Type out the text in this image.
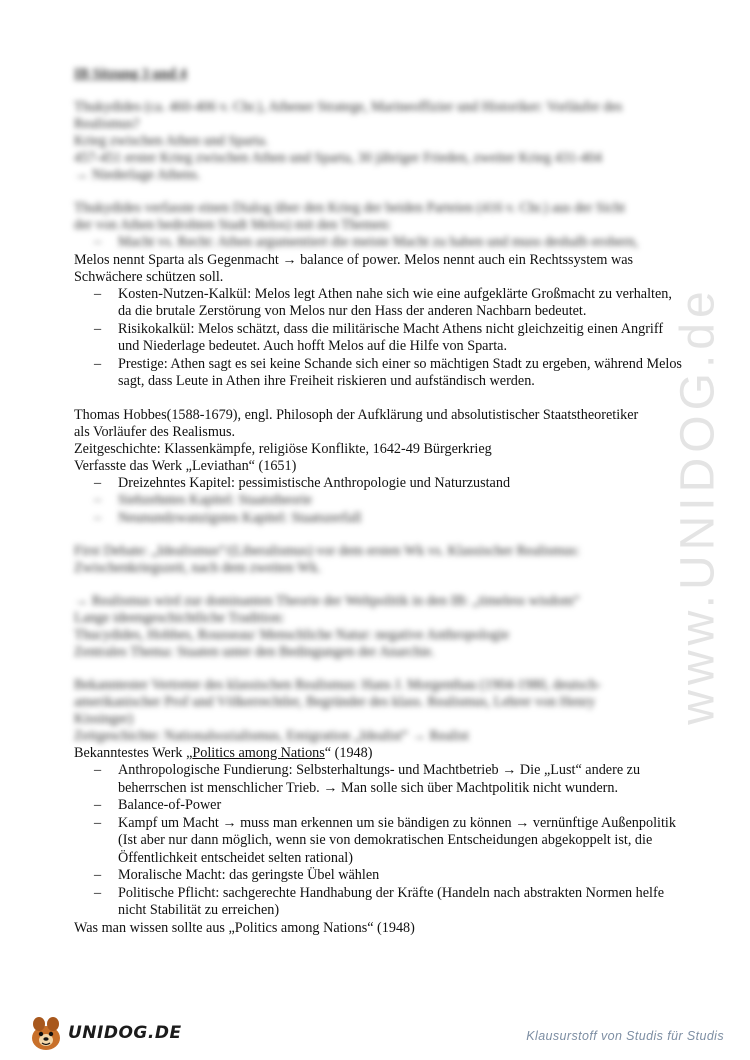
www.UNIDOG.de
IB Sitzung 3 und 4
Thukydides (ca. 460-406 v. Chr.), Athener Stratege, Marineoffizier und Historiker: Vorläufer des
Realismus?
Krieg zwischen Athen und Sparta.
457-451 erster Krieg zwischen Athen und Sparta, 30 jähriger Frieden, zweiter Krieg 431-404
→ Niederlage Athens.
Thukydides verfasste einen Dialog über den Krieg der beiden Parteien (416 v. Chr.) aus der Sicht
der von Athen bedrohten Stadt Melos) mit den Themen:
– Macht vs. Recht: Athen argumentiert die meiste Macht zu haben und muss deshalb erobern,
Melos nennt Sparta als Gegenmacht → balance of power. Melos nennt auch ein Rechtssystem was
Schwächere schützen soll.
– Kosten-Nutzen-Kalkül: Melos legt Athen nahe sich wie eine aufgeklärte Großmacht zu verhalten, da die brutale Zerstörung von Melos nur den Hass der anderen Nachbarn bedeutet.
– Risikokalkül: Melos schätzt, dass die militärische Macht Athens nicht gleichzeitig einen Angriff und Niederlage bedeutet. Auch hofft Melos auf die Hilfe von Sparta.
– Prestige: Athen sagt es sei keine Schande sich einer so mächtigen Stadt zu ergeben, während Melos sagt, dass Leute in Athen ihre Freiheit riskieren und aufständisch werden.
Thomas Hobbes(1588-1679), engl. Philosoph der Aufklärung und absolutistischer Staatstheoretiker
als Vorläufer des Realismus.
Zeitgeschichte: Klassenkämpfe, religiöse Konflikte, 1642-49 Bürgerkrieg
Verfasste das Werk „Leviathan“ (1651)
– Dreizehntes Kapitel: pessimistische Anthropologie und Naturzustand
– Siebzehntes Kapitel: Staatstheorie
– Neunundzwanzigstes Kapitel: Staatszerfall
First Debate: „Idealismus“/(Liberalismus) vor dem ersten Wk vs. Klassischer Realismus:
Zwischenkriegszeit, nach dem zweiten Wk.
→ Realismus wird zur dominanten Theorie der Weltpolitik in den IB: „timeless wisdom“
Lange ideengeschichtliche Tradition:
Thucydides, Hobbes, Rousseau/ Menschliche Natur: negative Anthropologie
Zentrales Thema: Staaten unter den Bedingungen der Anarchie.
Bekanntester Vertreter des klassischen Realismus: Hans J. Morgenthau (1904-1980, deutsch-
amerikanischer Prof und Völkerrechtler, Begründer des klass. Realismus, Lehrer von Henry
Kissinger)
Zeitgeschichte: Nationalsozialismus, Emigration „Idealist“ → Realist
Bekanntestes Werk „Politics among Nations“ (1948)
– Anthropologische Fundierung: Selbsterhaltungs- und Machtbetrieb → Die „Lust“ andere zu beherrschen ist menschlicher Trieb. → Man solle sich über Machtpolitik nicht wundern.
– Balance-of-Power
– Kampf um Macht → muss man erkennen um sie bändigen zu können → vernünftige Außenpolitik (Ist aber nur dann möglich, wenn sie von demokratischen Entscheidungen abgekoppelt ist, die Öffentlichkeit entscheidet selten rational)
– Moralische Macht: das geringste Übel wählen
– Politische Pflicht: sachgerechte Handhabung der Kräfte (Handeln nach abstrakten Normen helfe nicht Stabilität zu erreichen)
Was man wissen sollte aus „Politics among Nations“ (1948)
UNIDOG.DE	Klausurstoff von Studis für Studis
